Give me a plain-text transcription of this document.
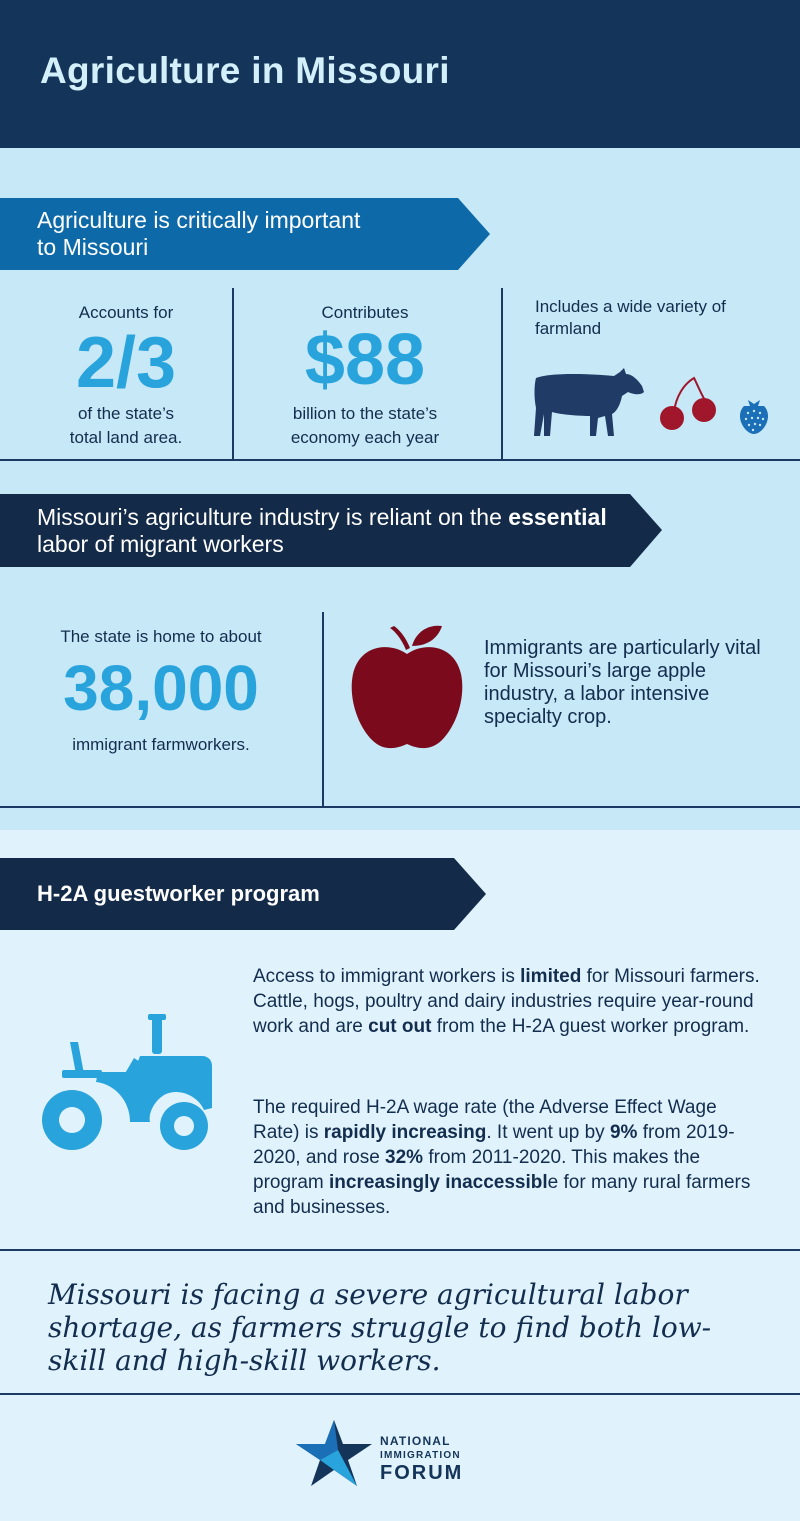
Agriculture in Missouri
Agriculture is critically important to Missouri
Accounts for
2/3
of the state’s
total land area.
Contributes
$88
billion to the state’s
economy each year
Includes a wide variety of farmland
Missouri’s agriculture industry is reliant on the essential labor of migrant workers
The state is home to about
38,000
immigrant farmworkers.
Immigrants are particularly vital for Missouri’s large apple industry, a labor intensive specialty crop.
H-2A guestworker program
Access to immigrant workers is limited for Missouri farmers. Cattle, hogs, poultry and dairy industries require year-round work and are cut out from the H-2A guest worker program.
The required H-2A wage rate (the Adverse Effect Wage Rate) is rapidly increasing. It went up by 9% from 2019-2020, and rose 32% from 2011-2020. This makes the program increasingly inaccessible for many rural farmers and businesses.
Missouri is facing a severe agricultural labor shortage, as farmers struggle to find both low-skill and high-skill workers.
NATIONAL
IMMIGRATION
FORUM
